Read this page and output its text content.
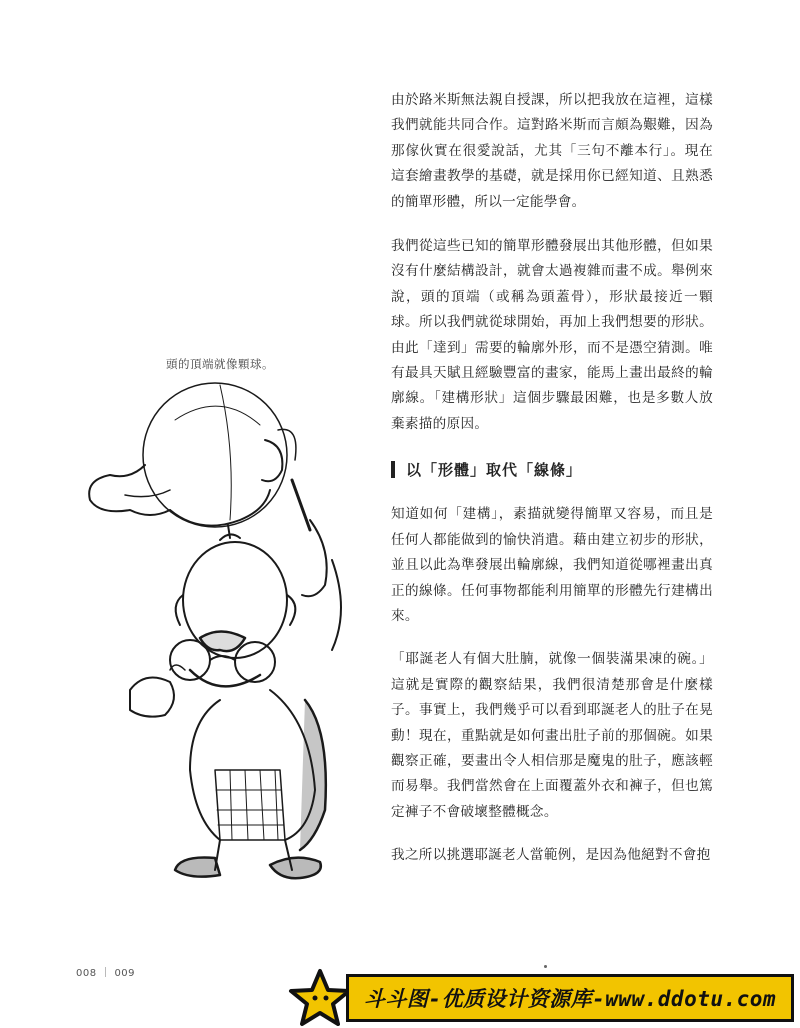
頭的頂端就像顆球。

由於路米斯無法親自授課，所以把我放在這裡，這樣我們就能共同合作。這對路米斯而言頗為艱難，因為那傢伙實在很愛說話，尤其「三句不離本行」。現在這套繪畫教學的基礎，就是採用你已經知道、且熟悉的簡單形體，所以一定能學會。

我們從這些已知的簡單形體發展出其他形體，但如果沒有什麼結構設計，就會太過複雜而畫不成。舉例來說，頭的頂端（或稱為頭蓋骨），形狀最接近一顆球。所以我們就從球開始，再加上我們想要的形狀。由此「達到」需要的輪廓外形，而不是憑空猜測。唯有最具天賦且經驗豐富的畫家，能馬上畫出最終的輪廓線。「建構形狀」這個步驟最困難，也是多數人放棄素描的原因。

以「形體」取代「線條」

知道如何「建構」，素描就變得簡單又容易，而且是任何人都能做到的愉快消遣。藉由建立初步的形狀，並且以此為準發展出輪廓線，我們知道從哪裡畫出真正的線條。任何事物都能利用簡單的形體先行建構出來。

「耶誕老人有個大肚腩，就像一個裝滿果凍的碗。」這就是實際的觀察結果，我們很清楚那會是什麼樣子。事實上，我們幾乎可以看到耶誕老人的肚子在晃動！現在，重點就是如何畫出肚子前的那個碗。如果觀察正確，要畫出令人相信那是魔鬼的肚子，應該輕而易舉。我們當然會在上面覆蓋外衣和褲子，但也篤定褲子不會破壞整體概念。

我之所以挑選耶誕老人當範例，是因為他絕對不會抱

008 ｜ 009
斗斗图-优质设计资源库-www.ddotu.com
